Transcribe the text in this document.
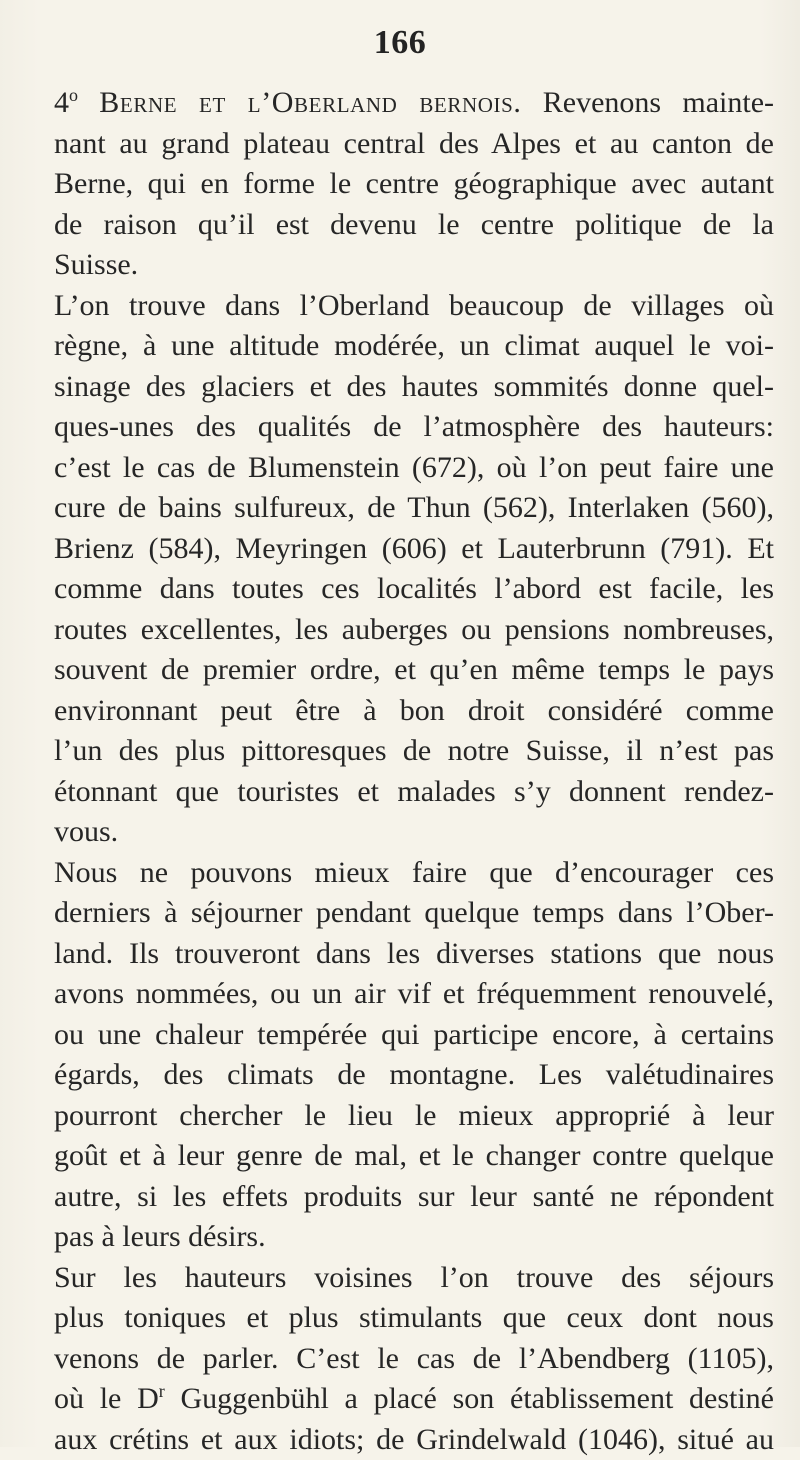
166
4$^o$ Berne et l’Oberland bernois. Revenons mainte-
nant au grand plateau central des Alpes et au canton de
Berne, qui en forme le centre géographique avec autant
de raison qu’il est devenu le centre politique de la
Suisse.
L’on trouve dans l’Oberland beaucoup de villages où
règne, à une altitude modérée, un climat auquel le voi-
sinage des glaciers et des hautes sommités donne quel-
ques-unes des qualités de l’atmosphère des hauteurs:
c’est le cas de Blumenstein (672), où l’on peut faire une
cure de bains sulfureux, de Thun (562), Interlaken (560),
Brienz (584), Meyringen (606) et Lauterbrunn (791). Et
comme dans toutes ces localités l’abord est facile, les
routes excellentes, les auberges ou pensions nombreuses,
souvent de premier ordre, et qu’en même temps le pays
environnant peut être à bon droit considéré comme
l’un des plus pittoresques de notre Suisse, il n’est pas
étonnant que touristes et malades s’y donnent rendez-
vous.
Nous ne pouvons mieux faire que d’encourager ces
derniers à séjourner pendant quelque temps dans l’Ober-
land. Ils trouveront dans les diverses stations que nous
avons nommées, ou un air vif et fréquemment renouvelé,
ou une chaleur tempérée qui participe encore, à certains
égards, des climats de montagne. Les valétudinaires
pourront chercher le lieu le mieux approprié à leur
goût et à leur genre de mal, et le changer contre quelque
autre, si les effets produits sur leur santé ne répondent
pas à leurs désirs.
Sur les hauteurs voisines l’on trouve des séjours
plus toniques et plus stimulants que ceux dont nous
venons de parler. C’est le cas de l’Abendberg (1105),
où le $D^r$ Guggenbühl a placé son établissement destiné
aux crétins et aux idiots; de Grindelwald (1046), situé au
